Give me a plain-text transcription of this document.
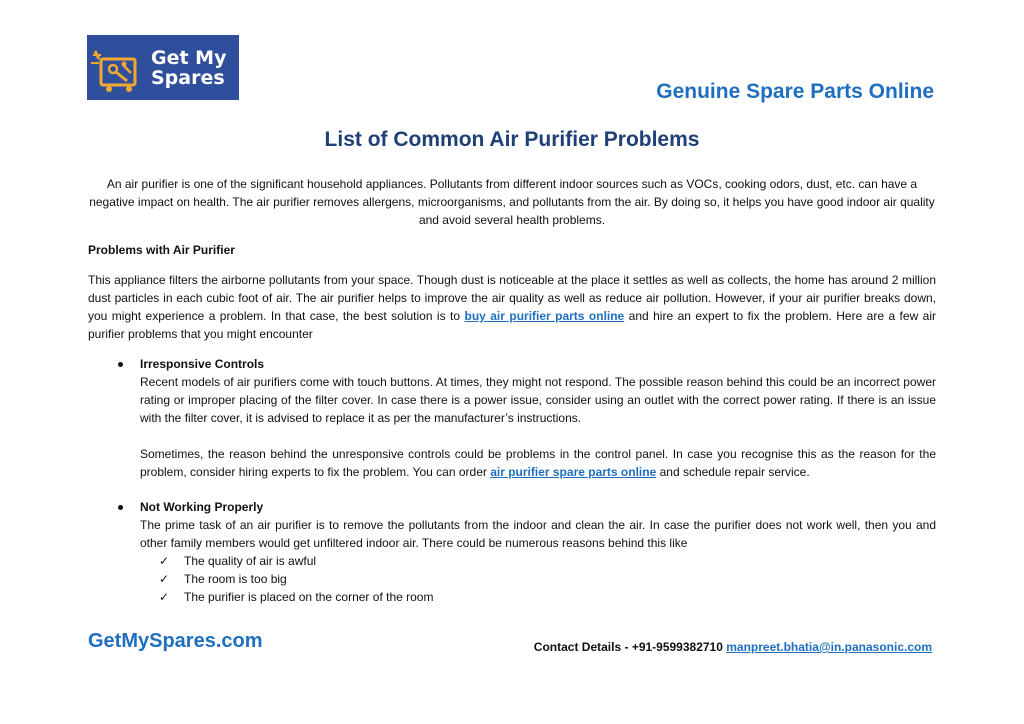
Get My
Spares
Genuine Spare Parts Online
List of Common Air Purifier Problems

An air purifier is one of the significant household appliances. Pollutants from different indoor sources such as VOCs, cooking odors, dust, etc. can have a negative impact on health. The air purifier removes allergens, microorganisms, and pollutants from the air. By doing so, it helps you have good indoor air quality and avoid several health problems.

Problems with Air Purifier

This appliance filters the airborne pollutants from your space. Though dust is noticeable at the place it settles as well as collects, the home has around 2 million dust particles in each cubic foot of air. The air purifier helps to improve the air quality as well as reduce air pollution. However, if your air purifier breaks down, you might experience a problem. In that case, the best solution is to buy air purifier parts online and hire an expert to fix the problem. Here are a few air purifier problems that you might encounter

Irresponsive Controls

Recent models of air purifiers come with touch buttons. At times, they might not respond. The possible reason behind this could be an incorrect power rating or improper placing of the filter cover. In case there is a power issue, consider using an outlet with the correct power rating. If there is an issue with the filter cover, it is advised to replace it as per the manufacturer’s instructions.

Sometimes, the reason behind the unresponsive controls could be problems in the control panel. In case you recognise this as the reason for the problem, consider hiring experts to fix the problem. You can order air purifier spare parts online and schedule repair service.

Not Working Properly

The prime task of an air purifier is to remove the pollutants from the indoor and clean the air. In case the purifier does not work well, then you and other family members would get unfiltered indoor air. There could be numerous reasons behind this like

✓ The quality of air is awful
✓ The room is too big
✓ The purifier is placed on the corner of the room
GetMySpares.com	Contact Details - +91-9599382710 manpreet.bhatia@in.panasonic.com
